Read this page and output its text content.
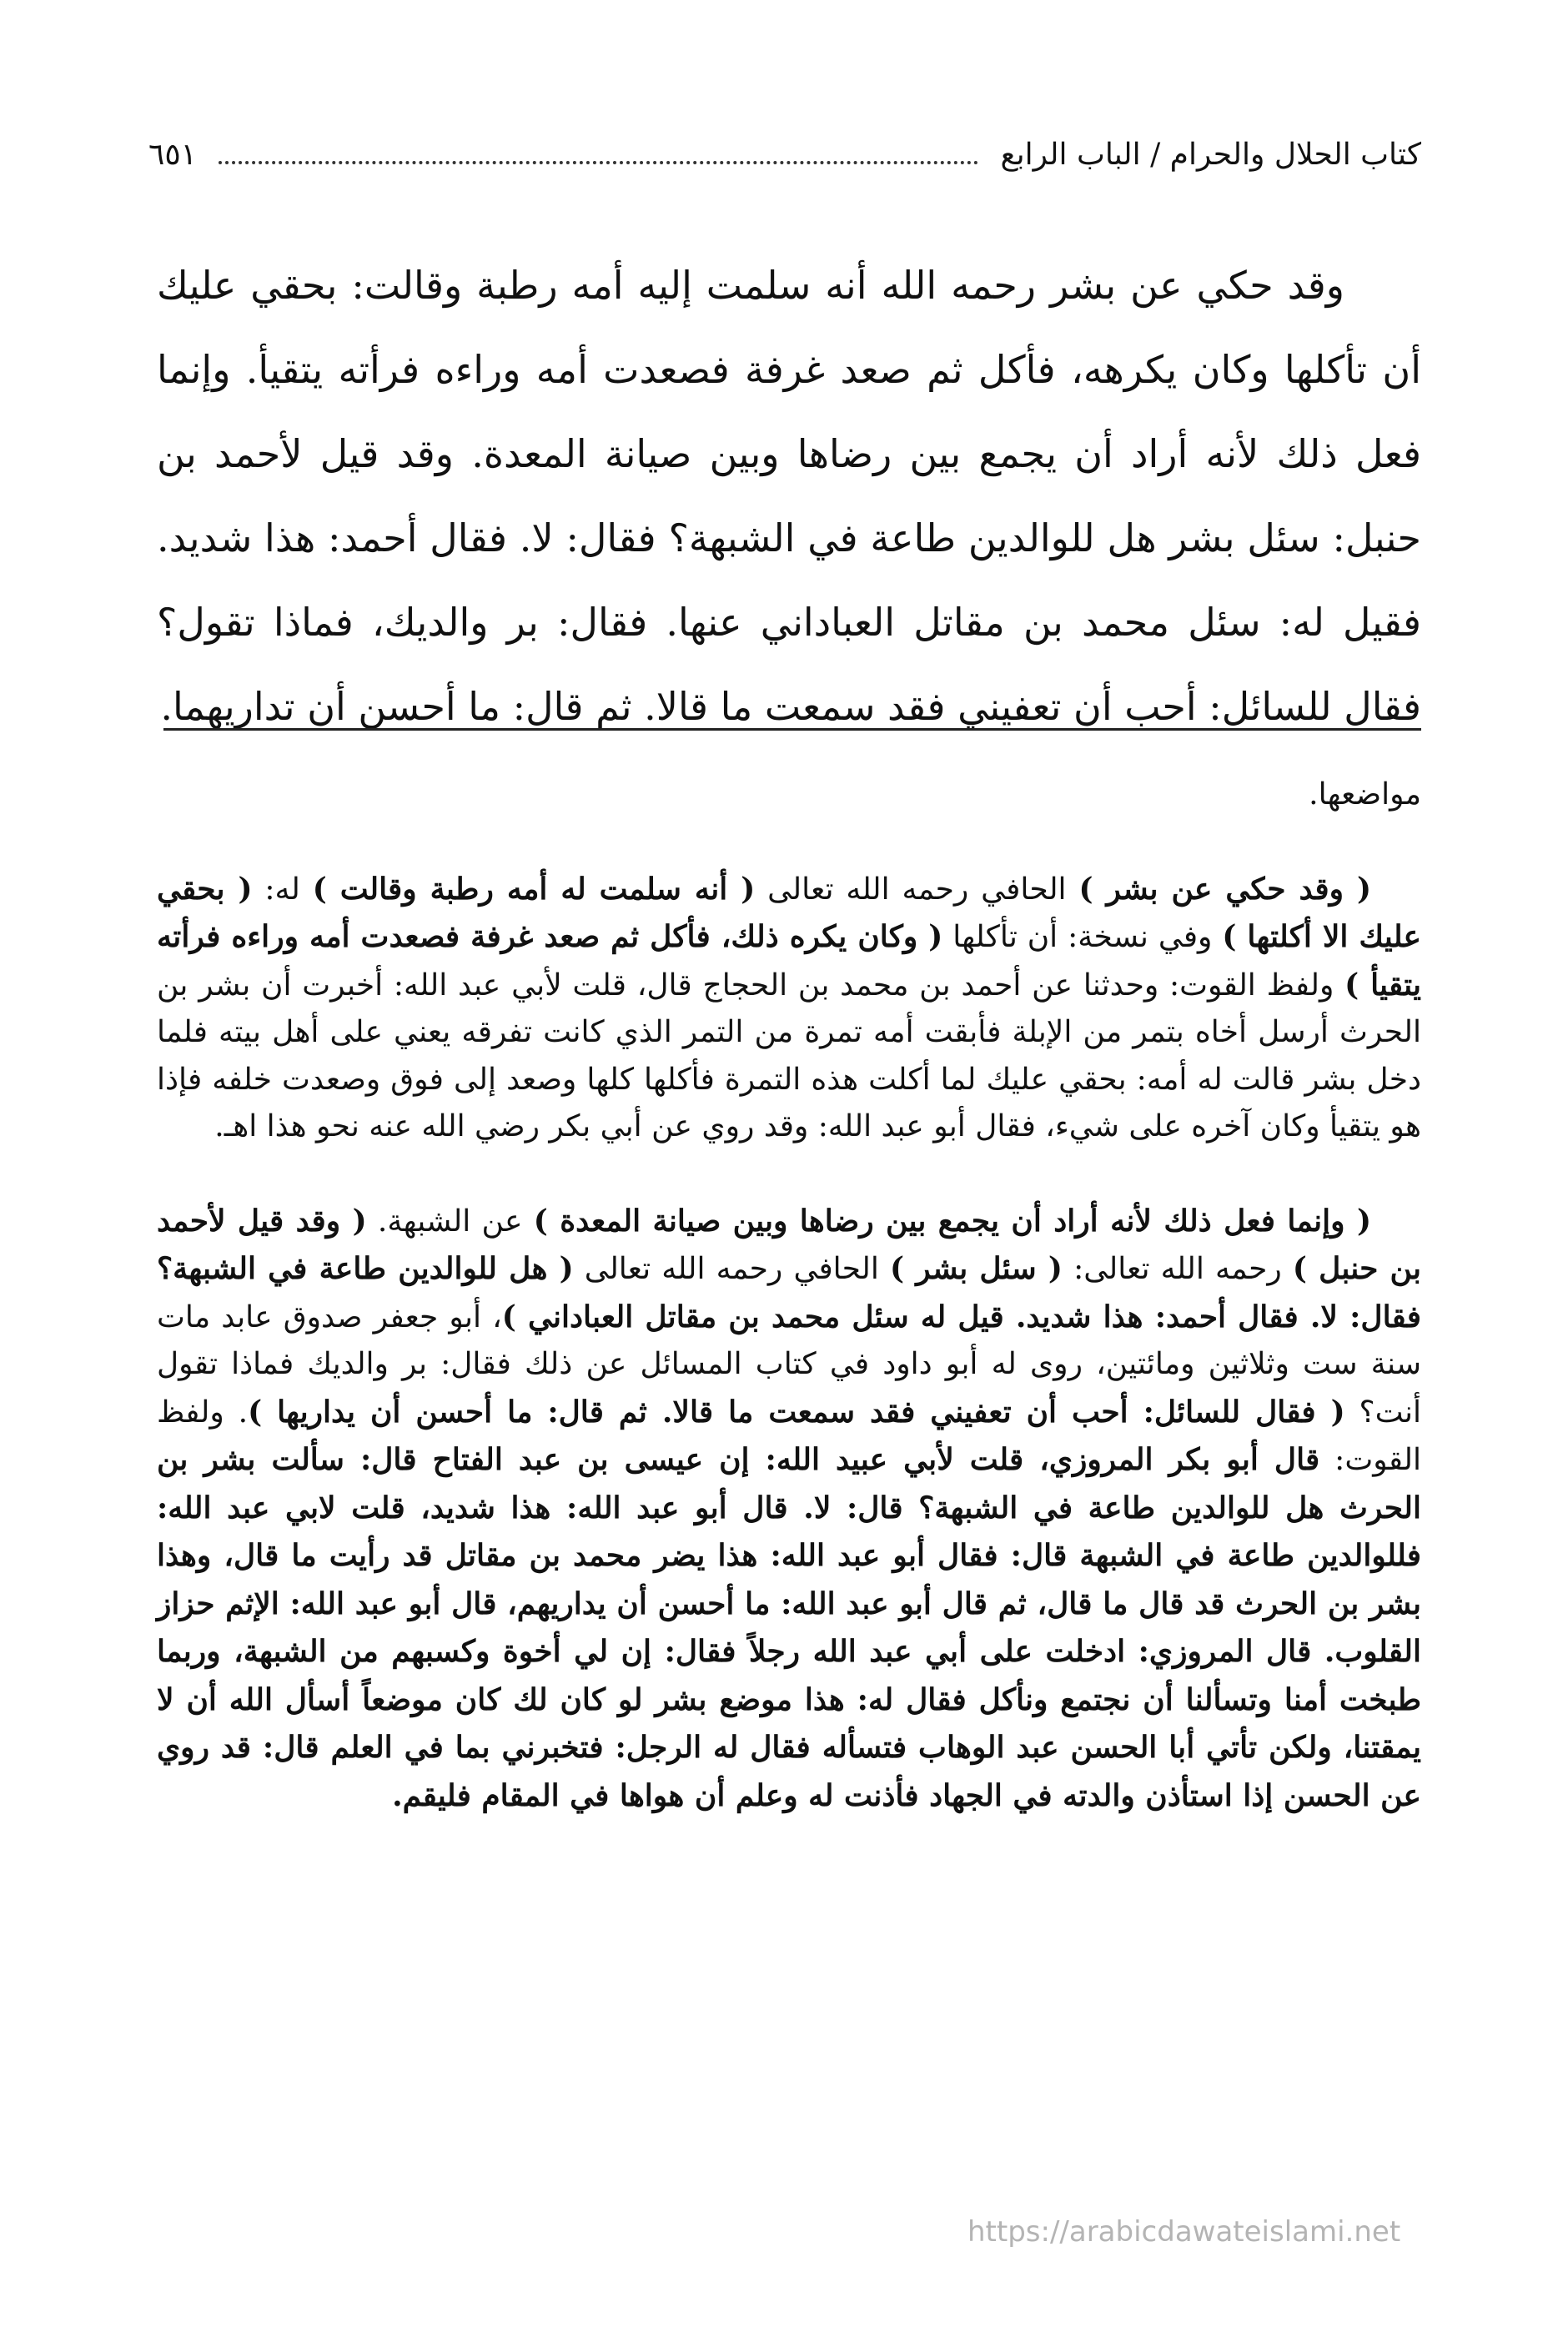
كتاب الحلال والحرام / الباب الرابع
٦٥١

وقد حكي عن بشر رحمه الله أنه سلمت إليه أمه رطبة وقالت: بحقي عليك أن تأكلها وكان يكرهه، فأكل ثم صعد غرفة فصعدت أمه وراءه فرأته يتقيأ. وإنما فعل ذلك لأنه أراد أن يجمع بين رضاها وبين صيانة المعدة. وقد قيل لأحمد بن حنبل: سئل بشر هل للوالدين طاعة في الشبهة؟ فقال: لا. فقال أحمد: هذا شديد. فقيل له: سئل محمد بن مقاتل العباداني عنها. فقال: بر والديك، فماذا تقول؟ فقال للسائل: أحب أن تعفيني فقد سمعت ما قالا. ثم قال: ما أحسن أن تداريهما.

مواضعها.

( وقد حكي عن بشر ) الحافي رحمه الله تعالى ( أنه سلمت له أمه رطبة وقالت ) له: ( بحقي عليك الا أكلتها ) وفي نسخة: أن تأكلها ( وكان يكره ذلك، فأكل ثم صعد غرفة فصعدت أمه وراءه فرأته يتقيأ ) ولفظ القوت: وحدثنا عن أحمد بن محمد بن الحجاج قال، قلت لأبي عبد الله: أخبرت أن بشر بن الحرث أرسل أخاه بتمر من الإبلة فأبقت أمه تمرة من التمر الذي كانت تفرقه يعني على أهل بيته فلما دخل بشر قالت له أمه: بحقي عليك لما أكلت هذه التمرة فأكلها كلها وصعد إلى فوق وصعدت خلفه فإذا هو يتقيأ وكان آخره على شيء، فقال أبو عبد الله: وقد روي عن أبي بكر رضي الله عنه نحو هذا اهـ.

( وإنما فعل ذلك لأنه أراد أن يجمع بين رضاها وبين صيانة المعدة ) عن الشبهة. ( وقد قيل لأحمد بن حنبل ) رحمه الله تعالى: ( سئل بشر ) الحافي رحمه الله تعالى ( هل للوالدين طاعة في الشبهة؟ فقال: لا. فقال أحمد: هذا شديد. قيل له سئل محمد بن مقاتل العباداني )، أبو جعفر صدوق عابد مات سنة ست وثلاثين ومائتين، روى له أبو داود في كتاب المسائل عن ذلك فقال: بر والديك فماذا تقول أنت؟ ( فقال للسائل: أحب أن تعفيني فقد سمعت ما قالا. ثم قال: ما أحسن أن يداريها ). ولفظ القوت: قال أبو بكر المروزي، قلت لأبي عبيد الله: إن عيسى بن عبد الفتاح قال: سألت بشر بن الحرث هل للوالدين طاعة في الشبهة؟ قال: لا. قال أبو عبد الله: هذا شديد، قلت لابي عبد الله: فللوالدين طاعة في الشبهة قال: فقال أبو عبد الله: هذا يضر محمد بن مقاتل قد رأيت ما قال، وهذا بشر بن الحرث قد قال ما قال، ثم قال أبو عبد الله: ما أحسن أن يداريهم، قال أبو عبد الله: الإثم حزاز القلوب. قال المروزي: ادخلت على أبي عبد الله رجلاً فقال: إن لي أخوة وكسبهم من الشبهة، وربما طبخت أمنا وتسألنا أن نجتمع ونأكل فقال له: هذا موضع بشر لو كان لك كان موضعاً أسأل الله أن لا يمقتنا، ولكن تأتي أبا الحسن عبد الوهاب فتسأله فقال له الرجل: فتخبرني بما في العلم قال: قد روي عن الحسن إذا استأذن والدته في الجهاد فأذنت له وعلم أن هواها في المقام فليقم.

https://arabicdawateislami.net
